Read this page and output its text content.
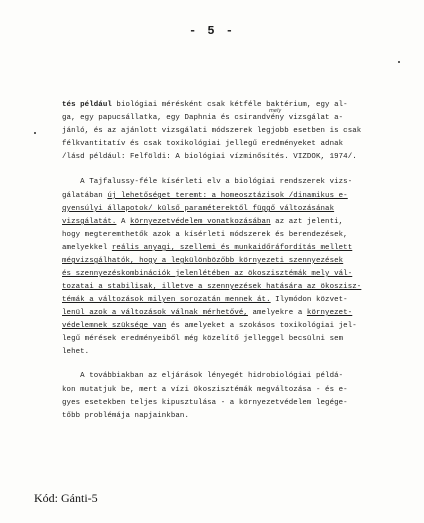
- 5 -
tés például biológiai mérésként csak kétféle baktérium, egy al-
mely
ga, egy papucsállatka, egy Daphnia és csirandvény vizsgálat a-
jánló, és az ajánlott vizsgálati módszerek legjobb esetben is csak
félkvantitatív és csak toxikológiai jellegű eredményeket adnak
/lásd például: Felföldi: A biológiai vízminősítés. VIZDOK, 1974/.
A Tajfalussy-féle kísérleti elv a biológiai rendszerek vizs-
gálatában új lehetőséget teremt: a homeosztázisok /dinamikus e-
gyensúlyi állapotok/ külső paraméterektől függő változásának
vizsgálatát. A környezetvédelem vonatkozásában az azt jelenti,
hogy megteremthetők azok a kísérleti módszerek és berendezések,
amelyekkel reális anyagi, szellemi és munkaidőráfordítás mellett
mégvizsgálhatók, hogy a legkülönbözőbb környezeti szennyezések
és szennyezéskombinációk jelenlétében az ökoszisztémák mely vál-
tozatai a stabilisak, illetve a szennyezések hatására az ökoszisz-
témák a változások milyen sorozatán mennek át. Ilymódon közvet-
lenül azok a változások válnak mérhetővé, amelyekre a környezet-
védelemnek szüksége van és amelyeket a szokásos toxikológiai jel-
legű mérések eredményeiből még közelítő jelleggel becsülni sem
lehet.
A továbbiakban az eljárások lényegét hidrobiológiai példá-
kon mutatjuk be, mert a vízi ökoszisztémák megváltozása - és e-
gyes esetekben teljes kipusztulása - a környezetvédelem legége-
tőbb problémája napjainkban.
Kód: Gánti-5
